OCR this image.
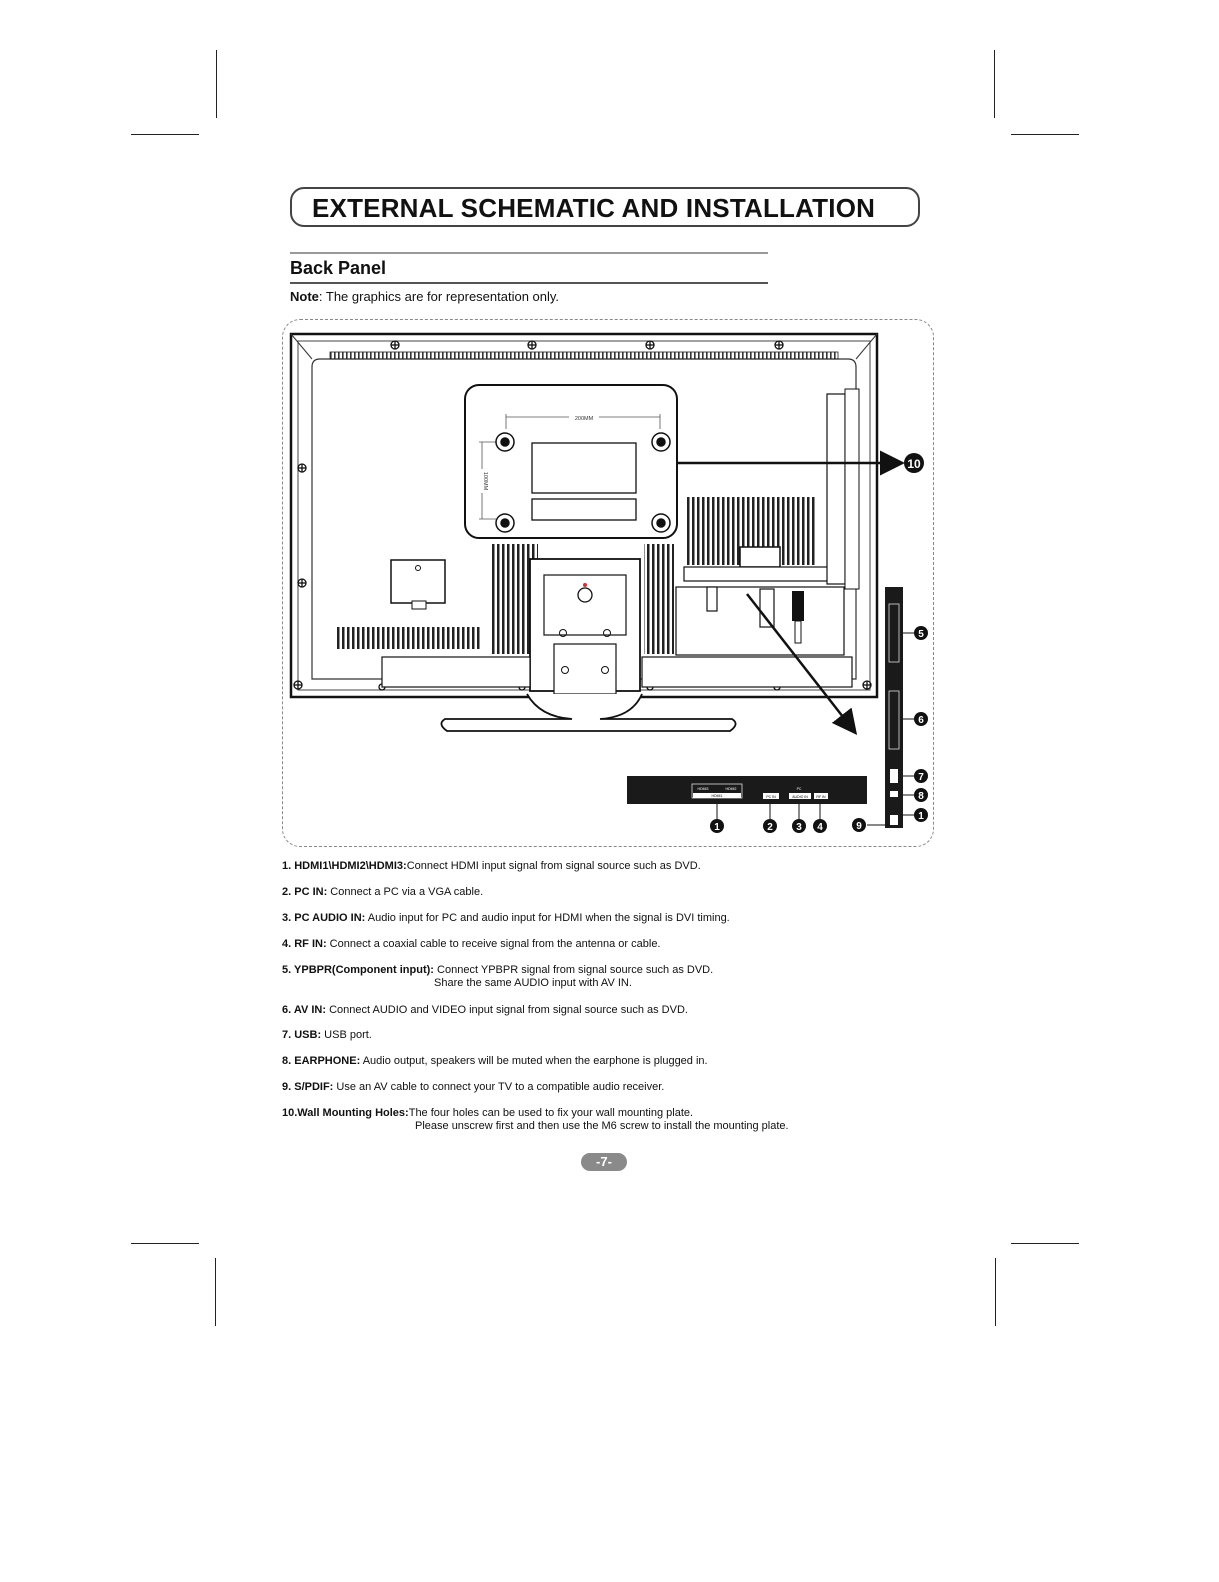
EXTERNAL SCHEMATIC AND INSTALLATION
Back Panel
Note: The graphics are for representation only.
200MM
100MM
HDMI3	HDMI2
HDMI1	PC IN
PC
AUDIO IN RF IN
1	2 3 4
5
6
7
8
1
9
10
1. HDMI1\HDMI2\HDMI3:Connect HDMI input signal from signal source such as DVD.
2. PC IN: Connect a PC via a VGA cable.
3. PC AUDIO IN: Audio input for PC and audio input for HDMI when the signal is DVI timing.
4. RF IN: Connect a coaxial cable to receive signal from the antenna or cable.
5. YPBPR(Component input): Connect YPBPR signal from signal source such as DVD.
Share the same AUDIO input with AV IN.
6. AV IN: Connect AUDIO and VIDEO input signal from signal source such as DVD.
7. USB: USB port.
8. EARPHONE: Audio output, speakers will be muted when the earphone is plugged in.
9. S/PDIF: Use an AV cable to connect your TV to a compatible audio receiver.
10.Wall Mounting Holes:The four holes can be used to fix your wall mounting plate.
Please unscrew first and then use the M6 screw to install the mounting plate.
-7-
